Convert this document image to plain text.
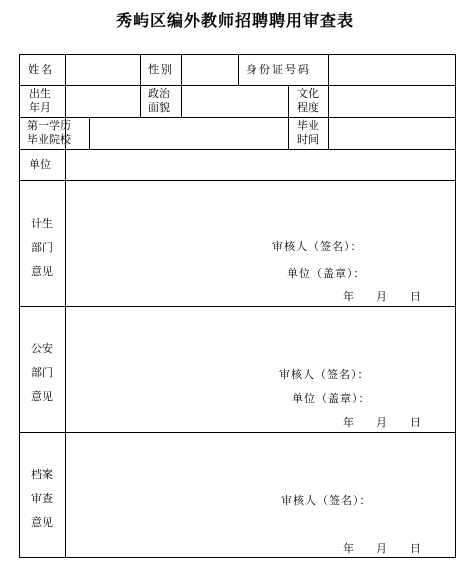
秀屿区编外教师招聘聘用审查表
姓名	性别	身份证号码
出生
年月
政治
面貌
文化
程度
第一学历
毕业院校
毕业
时间
单位
计生
部门
意见
审核人（签名）：
单位（盖章）：
年 月 日
公安
部门
意见
审核人（签名）：
单位（盖章）：
年 月 日
档案
审查
意见
审核人（签名）：
年 月 日
